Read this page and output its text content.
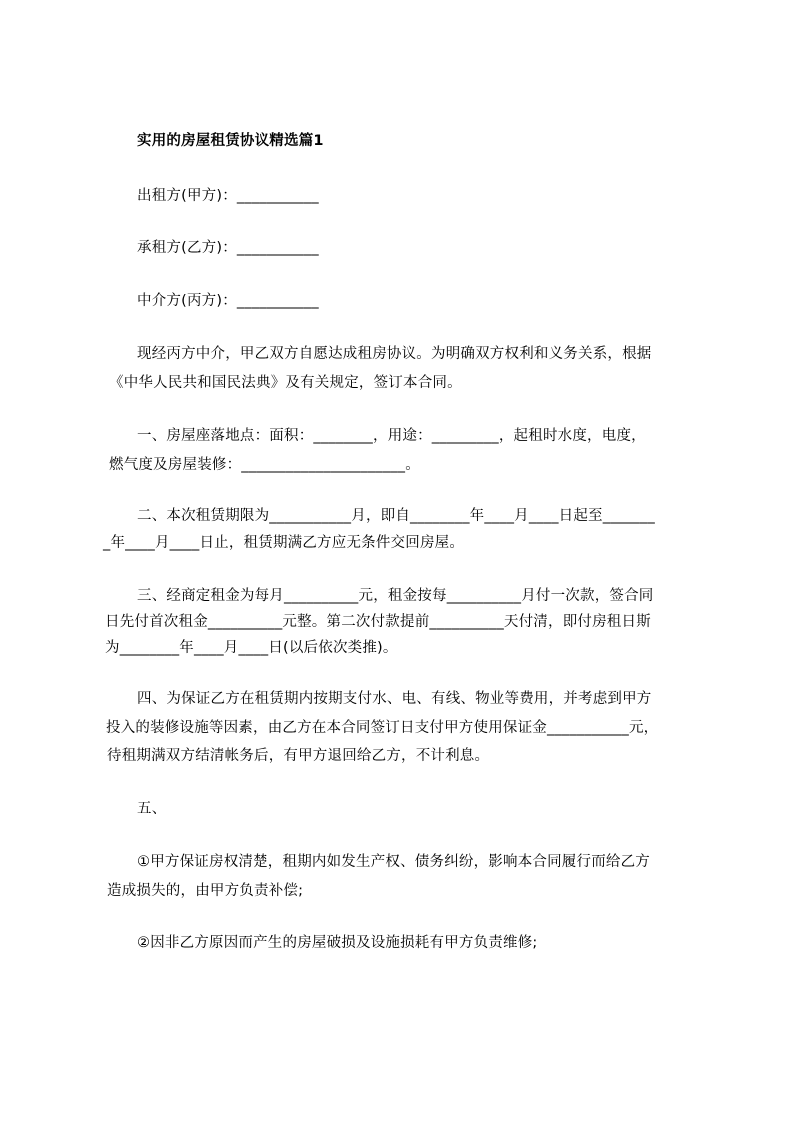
实用的房屋租赁协议精选篇1
出租方(甲方)：___________
承租方(乙方)：___________
中介方(丙方)：___________
现经丙方中介，甲乙双方自愿达成租房协议。为明确双方权利和义务关系，根据
《中华人民共和国民法典》及有关规定，签订本合同。
一、房屋座落地点：面积：________，用途：_________，起租时水度，电度，
燃气度及房屋装修：______________________。
二、本次租赁期限为___________月，即自________年____月____日起至_______
_年____月____日止，租赁期满乙方应无条件交回房屋。
三、经商定租金为每月__________元，租金按每__________月付一次款，签合同
日先付首次租金__________元整。第二次付款提前__________天付清，即付房租日斯
为________年____月____日(以后依次类推)。
四、为保证乙方在租赁期内按期支付水、电、有线、物业等费用，并考虑到甲方
投入的装修设施等因素，由乙方在本合同签订日支付甲方使用保证金___________元，
待租期满双方结清帐务后，有甲方退回给乙方，不计利息。
五、
①甲方保证房权清楚，租期内如发生产权、债务纠纷，影响本合同履行而给乙方
造成损失的，由甲方负责补偿;
②因非乙方原因而产生的房屋破损及设施损耗有甲方负责维修;
